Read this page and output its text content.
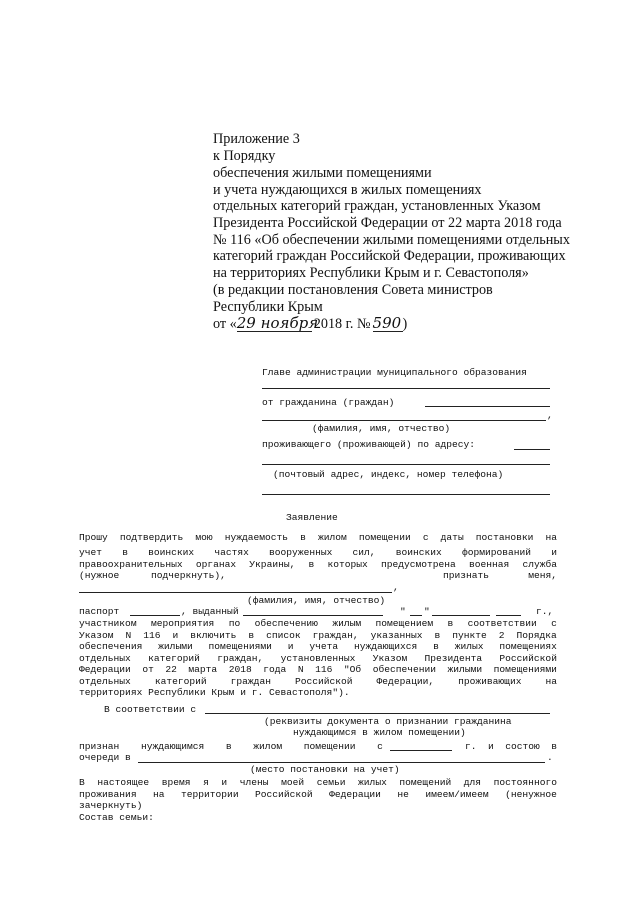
Приложение 3
к Порядку
обеспечения жилыми помещениями
и учета нуждающихся в жилых помещениях
отдельных категорий граждан, установленных Указом
Президента Российской Федерации от 22 марта 2018 года
№ 116 «Об обеспечении жилыми помещениями отдельных
категорий граждан Российской Федерации, проживающих
на территориях Республики Крым и г. Севастополя»
(в редакции постановления Совета министров
Республики Крым
от « 29 ноября
2018 г. № 590 )
Главе администрации муниципального образования
от гражданина (граждан)
,
(фамилия, имя, отчество)
проживающего (проживающей) по адресу:
(почтовый адрес, индекс, номер телефона)
Заявление
Прошу подтвердить мою нуждаемость в жилом помещении с даты постановки на
учет в воинских частях вооруженных сил, воинских формирований и
правоохранительных органах Украины, в которых предусмотрена военная служба
(нужное	подчеркнуть),	признать	меня,
,
(фамилия, имя, отчество)
паспорт	, выданный	" "	г.,
участником мероприятия по обеспечению жилым помещением в соответствии с
Указом N 116 и включить в список граждан, указанных в пункте 2 Порядка
обеспечения жилыми помещениями и учета нуждающихся в жилых помещениях
отдельных категорий граждан, установленных Указом Президента Российской
Федерации от 22 марта 2018 года N 116 "Об обеспечении жилыми помещениями
отдельных	категорий	граждан	Российской	Федерации,	проживающих	на
территориях Республики Крым и г. Севастополя").
В соответствии с
(реквизиты документа о признании гражданина
нуждающимся в жилом помещении)
признан нуждающимся в жилом помещении с	г. и состою в
очереди в	.
(место постановки на учет)
В настоящее время я и члены моей семьи жилых помещений для постоянного
проживания на территории Российской Федерации не имеем/имеем (ненужное
зачеркнуть)
Состав семьи:
